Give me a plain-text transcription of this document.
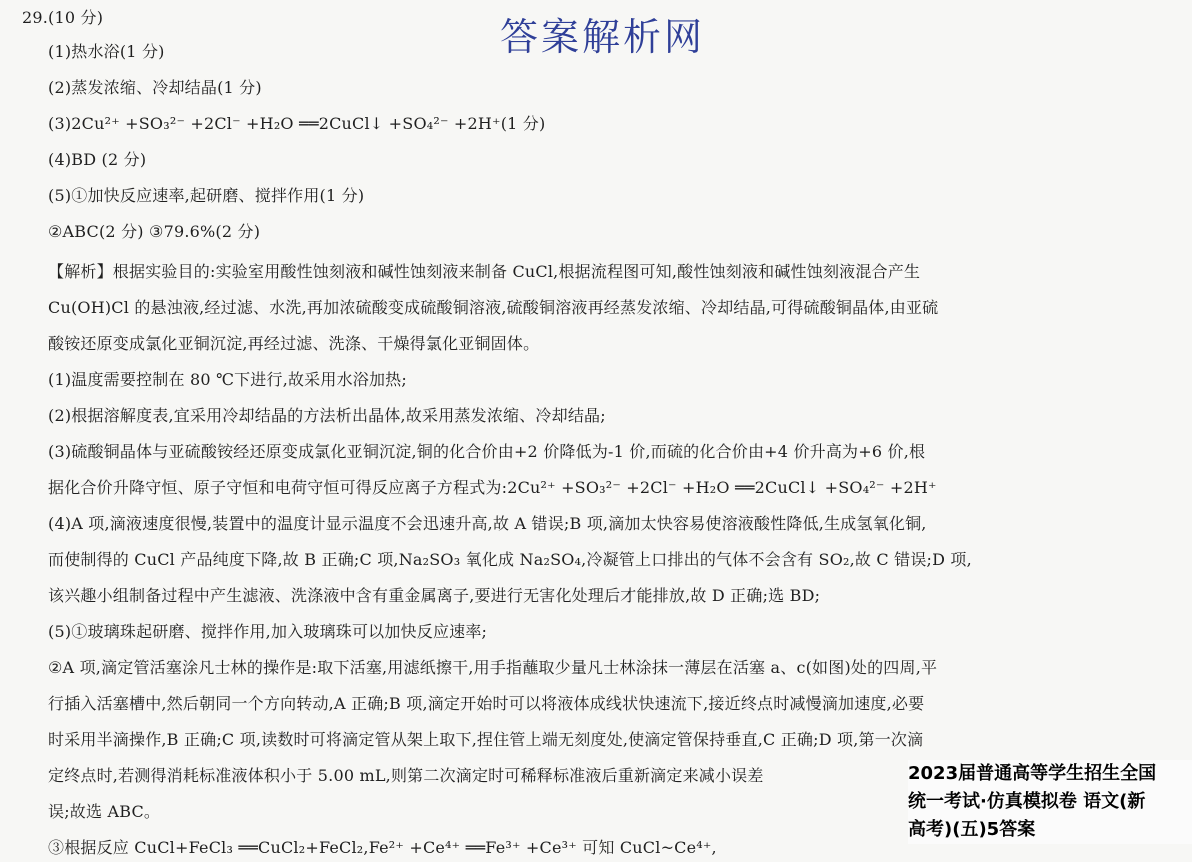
答案解析网
29.(10 分)
(1)热水浴(1 分)
(2)蒸发浓缩、冷却结晶(1 分)
(3)2Cu²⁺ +SO₃²⁻ +2Cl⁻ +H₂O ══2CuCl↓ +SO₄²⁻ +2H⁺(1 分)
(4)BD (2 分)
(5)①加快反应速率,起研磨、搅拌作用(1 分)
②ABC(2 分) ③79.6%(2 分)
【解析】根据实验目的:实验室用酸性蚀刻液和碱性蚀刻液来制备 CuCl,根据流程图可知,酸性蚀刻液和碱性蚀刻液混合产生
Cu(OH)Cl 的悬浊液,经过滤、水洗,再加浓硫酸变成硫酸铜溶液,硫酸铜溶液再经蒸发浓缩、冷却结晶,可得硫酸铜晶体,由亚硫
酸铵还原变成氯化亚铜沉淀,再经过滤、洗涤、干燥得氯化亚铜固体。
(1)温度需要控制在 80 ℃下进行,故采用水浴加热;
(2)根据溶解度表,宜采用冷却结晶的方法析出晶体,故采用蒸发浓缩、冷却结晶;
(3)硫酸铜晶体与亚硫酸铵经还原变成氯化亚铜沉淀,铜的化合价由+2 价降低为-1 价,而硫的化合价由+4 价升高为+6 价,根
据化合价升降守恒、原子守恒和电荷守恒可得反应离子方程式为:2Cu²⁺ +SO₃²⁻ +2Cl⁻ +H₂O ══2CuCl↓ +SO₄²⁻ +2H⁺
(4)A 项,滴液速度很慢,装置中的温度计显示温度不会迅速升高,故 A 错误;B 项,滴加太快容易使溶液酸性降低,生成氢氧化铜,
而使制得的 CuCl 产品纯度下降,故 B 正确;C 项,Na₂SO₃ 氧化成 Na₂SO₄,冷凝管上口排出的气体不会含有 SO₂,故 C 错误;D 项,
该兴趣小组制备过程中产生滤液、洗涤液中含有重金属离子,要进行无害化处理后才能排放,故 D 正确;选 BD;
(5)①玻璃珠起研磨、搅拌作用,加入玻璃珠可以加快反应速率;
②A 项,滴定管活塞涂凡士林的操作是:取下活塞,用滤纸擦干,用手指蘸取少量凡士林涂抹一薄层在活塞 a、c(如图)处的四周,平
行插入活塞槽中,然后朝同一个方向转动,A 正确;B 项,滴定开始时可以将液体成线状快速流下,接近终点时减慢滴加速度,必要
时采用半滴操作,B 正确;C 项,读数时可将滴定管从架上取下,捏住管上端无刻度处,使滴定管保持垂直,C 正确;D 项,第一次滴
定终点时,若测得消耗标准液体积小于 5.00 mL,则第二次滴定时可稀释标准液后重新滴定来减小误差
误;故选 ABC。
③根据反应 CuCl+FeCl₃ ══CuCl₂+FeCl₂,Fe²⁺ +Ce⁴⁺ ══Fe³⁺ +Ce³⁺ 可知 CuCl~Ce⁴⁺,
2023届普通高等学生招生全国
统一考试·仿真模拟卷 语文(新
高考)(五)5答案
